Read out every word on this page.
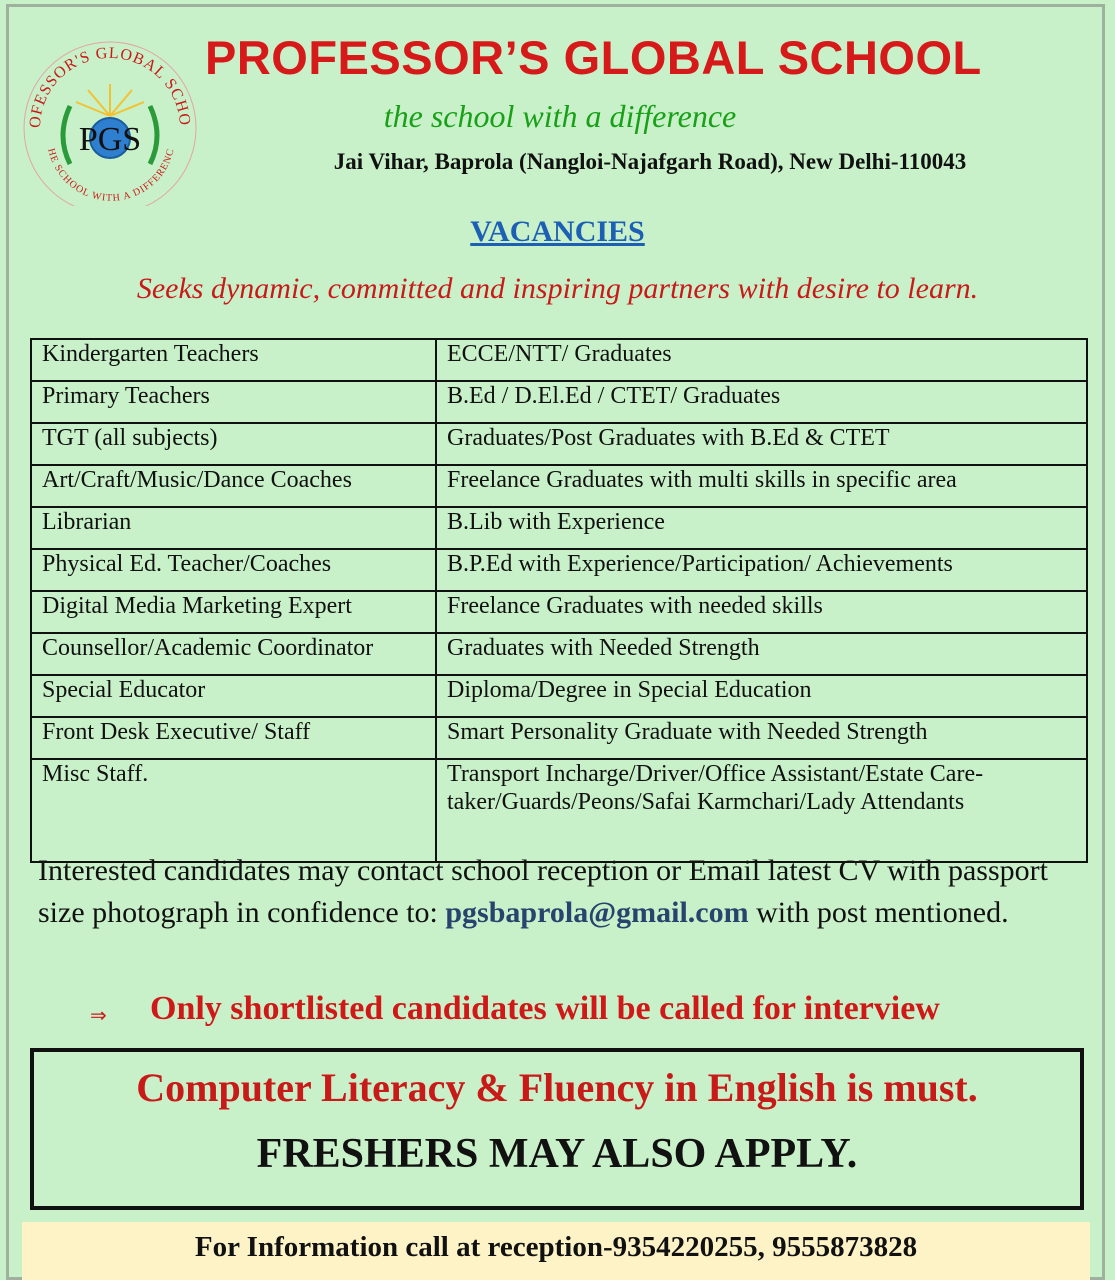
OFESSOR'S GLOBAL SCHO
HE SCHOOL WITH A DIFFERENC
PGS
PROFESSOR’S GLOBAL SCHOOL
the school with a difference
Jai Vihar, Baprola (Nangloi-Najafgarh Road), New Delhi-110043
VACANCIES
Seeks dynamic, committed and inspiring partners with desire to learn.
Kindergarten Teachers	ECCE/NTT/ Graduates
Primary Teachers	B.Ed / D.El.Ed / CTET/ Graduates
TGT (all subjects)	Graduates/Post Graduates with B.Ed & CTET
Art/Craft/Music/Dance Coaches	Freelance Graduates with multi skills in specific area
Librarian	B.Lib with Experience
Physical Ed. Teacher/Coaches	B.P.Ed with Experience/Participation/ Achievements
Digital Media Marketing Expert	Freelance Graduates with needed skills
Counsellor/Academic Coordinator	Graduates with Needed Strength
Special Educator	Diploma/Degree in Special Education
Front Desk Executive/ Staff	Smart Personality Graduate with Needed Strength
Misc Staff.	Transport Incharge/Driver/Office Assistant/Estate Care-taker/Guards/Peons/Safai Karmchari/Lady Attendants
Interested candidates may contact school reception or Email latest CV with passport size photograph in confidence to: pgsbaprola@gmail.com with post mentioned.
⇒ Only shortlisted candidates will be called for interview
Computer Literacy & Fluency in English is must.
FRESHERS MAY ALSO APPLY.
For Information call at reception-9354220255, 9555873828
